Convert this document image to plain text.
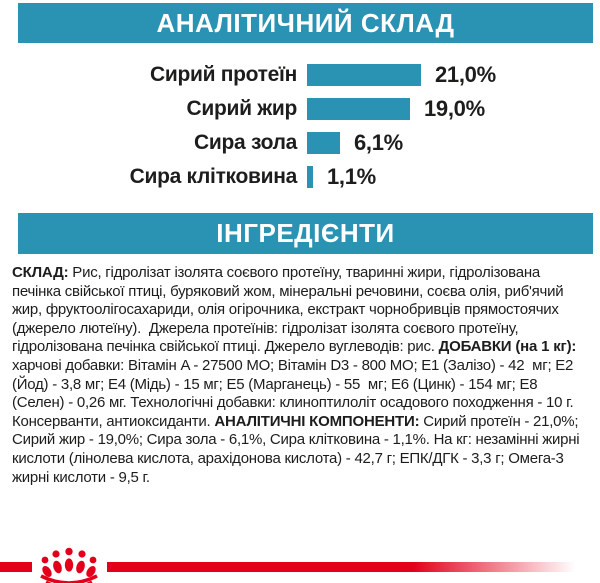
АНАЛІТИЧНИЙ СКЛАД
Сирий протеїн	21,0%
Сирий жир	19,0%
Сира зола	6,1%
Сира клітковина 1,1%
ІНГРЕДІЄНТИ

СКЛАД: Рис, гідролізат ізолята соєвого протеїну, тваринні жири, гідролізована печінка свійської птиці, буряковий жом, мінеральні речовини, соєва олія, риб'ячий жир, фруктоолігосахариди, олія огірочника, екстракт чорнобривців прямостоячих (джерело лютеїну).  Джерела протеїнів: гідролізат ізолята соєвого протеїну, гідролізована печінка свійської птиці. Джерело вуглеводів: рис. ДОБАВКИ (на 1 кг): харчові добавки: Вітамін A - 27500 МО; Вітамін D3 - 800 МО; E1 (Залізо) - 42  мг; E2 (Йод) - 3,8 мг; E4 (Мідь) - 15 мг; E5 (Марганець) - 55  мг; E6 (Цинк) - 154 мг; E8 (Селен) - 0,26 мг. Технологічні добавки: клиноптилоліт осадового походження - 10 г. Консерванти, антиоксиданти. АНАЛІТИЧНІ КОМПОНЕНТИ: Сирий протеїн - 21,0%; Сирий жир - 19,0%; Сира зола - 6,1%, Сира клітковина - 1,1%. На кг: незамінні жирні кислоти (лінолева кислота, арахідонова кислота) - 42,7 г; ЕПК/ДГК - 3,3 г; Омега-3 жирні кислоти - 9,5 г.
